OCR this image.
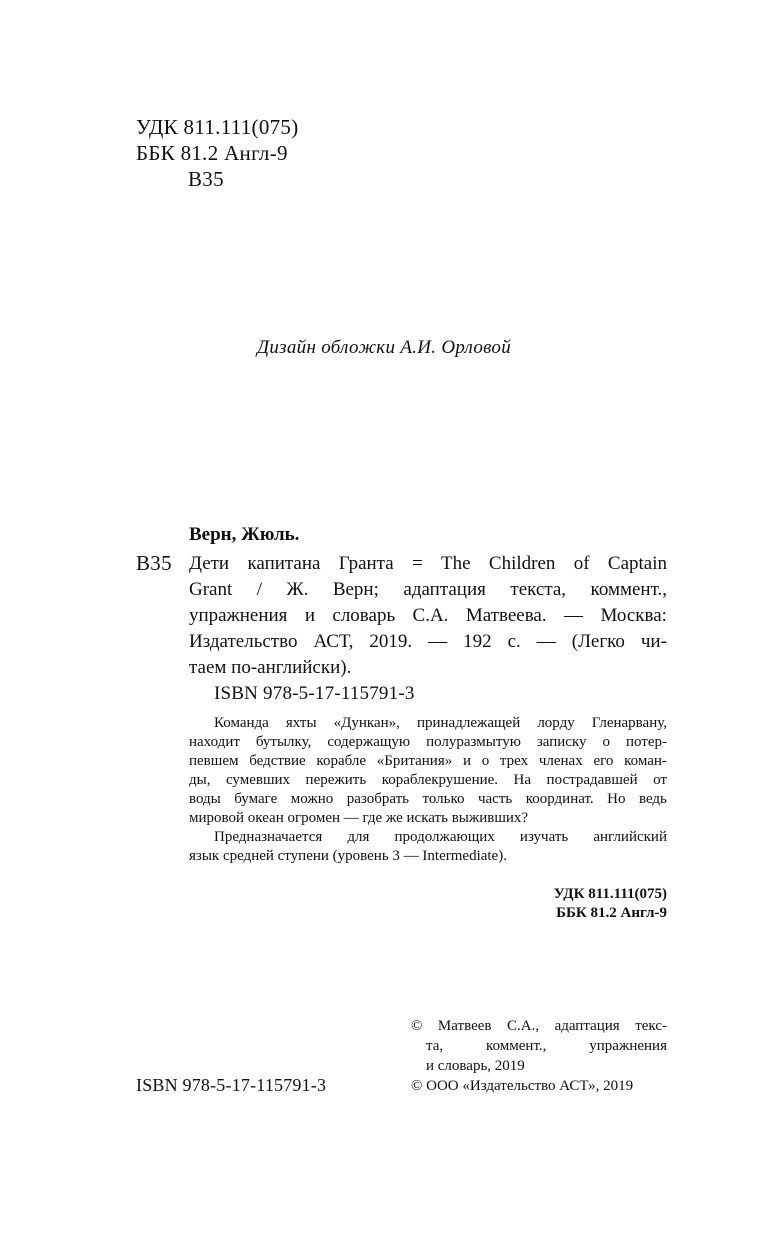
УДК 811.111(075)
ББК 81.2 Англ-9
В35
Дизайн обложки А.И. Орловой
Верн, Жюль.
В35 Дети капитана Гранта = The Children of Captain
Grant / Ж. Верн; адаптация текста, коммент.,
упражнения и словарь С.А. Матвеева. — Москва:
Издательство АСТ, 2019. — 192 с. — (Легко чи-
таем по-английски).
ISBN 978-5-17-115791-3
Команда яхты «Дункан», принадлежащей лорду Гленарвану,
находит бутылку, содержащую полуразмытую записку о потер-
певшем бедствие корабле «Британия» и о трех членах его коман-
ды, сумевших пережить кораблекрушение. На пострадавшей от
воды бумаге можно разобрать только часть координат. Но ведь
мировой океан огромен — где же искать выживших?
Предназначается для продолжающих изучать английский
язык средней ступени (уровень 3 — Intermediate).
УДК 811.111(075)
ББК 81.2 Англ-9
ISBN 978-5-17-115791-3
© Матвеев С.А., адаптация текс-
та,	коммент.,	упражнения
и словарь, 2019
© ООО «Издательство АСТ», 2019
